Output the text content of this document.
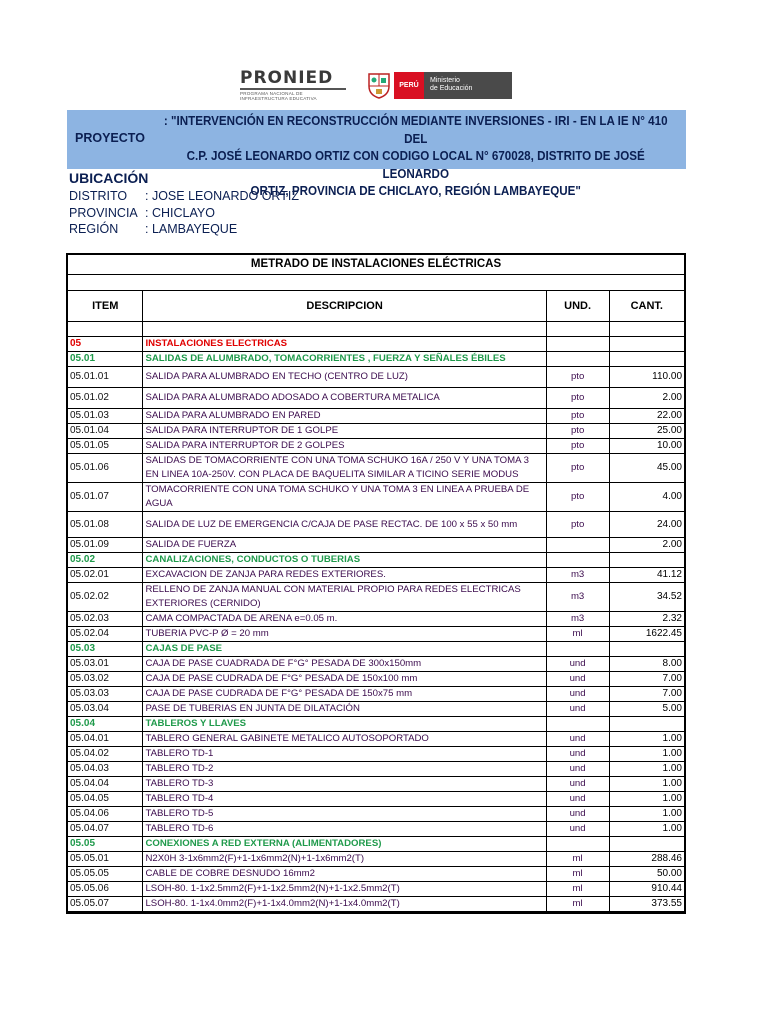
PRONIED
PROGRAMA NACIONAL DE INFRAESTRUCTURA EDUCATIVA
PERÚ
Ministerio
de Educación
PROYECTO
: "INTERVENCIÓN EN RECONSTRUCCIÓN MEDIANTE INVERSIONES - IRI - EN LA IE N° 410 DEL
C.P. JOSÉ LEONARDO ORTIZ CON CODIGO LOCAL N° 670028, DISTRITO DE JOSÉ LEONARDO
ORTIZ, PROVINCIA DE CHICLAYO, REGIÓN LAMBAYEQUE"
UBICACIÓN
DISTRITO : JOSE LEONARDO ORTIZ
PROVINCIA : CHICLAYO
REGIÓN : LAMBAYEQUE
METRADO DE INSTALACIONES ELÉCTRICAS
ITEM	DESCRIPCION	UND.	CANT.

05	INSTALACIONES ELECTRICAS		
05.01	SALIDAS DE ALUMBRADO, TOMACORRIENTES , FUERZA Y SEÑALES ÉBILES		
05.01.01	SALIDA PARA ALUMBRADO EN TECHO (CENTRO DE LUZ)	pto	110.00
05.01.02	SALIDA PARA ALUMBRADO ADOSADO A COBERTURA METALICA	pto	2.00
05.01.03	SALIDA PARA ALUMBRADO EN PARED	pto	22.00
05.01.04	SALIDA PARA INTERRUPTOR DE 1 GOLPE	pto	25.00
05.01.05	SALIDA PARA INTERRUPTOR DE 2 GOLPES	pto	10.00
05.01.06	SALIDAS DE TOMACORRIENTE CON UNA TOMA SCHUKO 16A / 250 V Y UNA TOMA 3 EN LINEA 10A-250V. CON PLACA DE BAQUELITA SIMILAR A TICINO SERIE MODUS	pto	45.00
05.01.07	TOMACORRIENTE CON UNA TOMA SCHUKO Y UNA TOMA 3 EN LINEA A PRUEBA DE AGUA	pto	4.00
05.01.08	SALIDA DE LUZ DE EMERGENCIA C/CAJA DE PASE RECTAC. DE 100 x 55 x 50 mm	pto	24.00
05.01.09	SALIDA DE FUERZA		2.00
05.02	CANALIZACIONES, CONDUCTOS O TUBERIAS		
05.02.01	EXCAVACION DE ZANJA PARA REDES EXTERIORES.	m3	41.12
05.02.02	RELLENO DE ZANJA MANUAL CON MATERIAL PROPIO PARA REDES ELECTRICAS EXTERIORES (CERNIDO)	m3	34.52
05.02.03	CAMA COMPACTADA DE ARENA e=0.05 m.	m3	2.32
05.02.04	TUBERIA PVC-P Ø = 20 mm	ml	1622.45
05.03	CAJAS DE PASE		
05.03.01	CAJA DE PASE CUADRADA DE F°G° PESADA DE 300x150mm	und	8.00
05.03.02	CAJA DE PASE CUDRADA DE F°G° PESADA DE 150x100 mm	und	7.00
05.03.03	CAJA DE PASE CUDRADA DE F°G° PESADA DE 150x75 mm	und	7.00
05.03.04	PASE DE TUBERIAS EN JUNTA DE DILATACIÓN	und	5.00
05.04	TABLEROS Y LLAVES		
05.04.01	TABLERO GENERAL GABINETE METALICO AUTOSOPORTADO	und	1.00
05.04.02	TABLERO TD-1	und	1.00
05.04.03	TABLERO TD-2	und	1.00
05.04.04	TABLERO TD-3	und	1.00
05.04.05	TABLERO TD-4	und	1.00
05.04.06	TABLERO TD-5	und	1.00
05.04.07	TABLERO TD-6	und	1.00
05.05	CONEXIONES A RED EXTERNA (ALIMENTADORES)		
05.05.01	N2X0H 3-1x6mm2(F)+1-1x6mm2(N)+1-1x6mm2(T)	ml	288.46
05.05.05	CABLE DE COBRE DESNUDO 16mm2	ml	50.00
05.05.06	LSOH-80. 1-1x2.5mm2(F)+1-1x2.5mm2(N)+1-1x2.5mm2(T)	ml	910.44
05.05.07	LSOH-80. 1-1x4.0mm2(F)+1-1x4.0mm2(N)+1-1x4.0mm2(T)	ml	373.55
